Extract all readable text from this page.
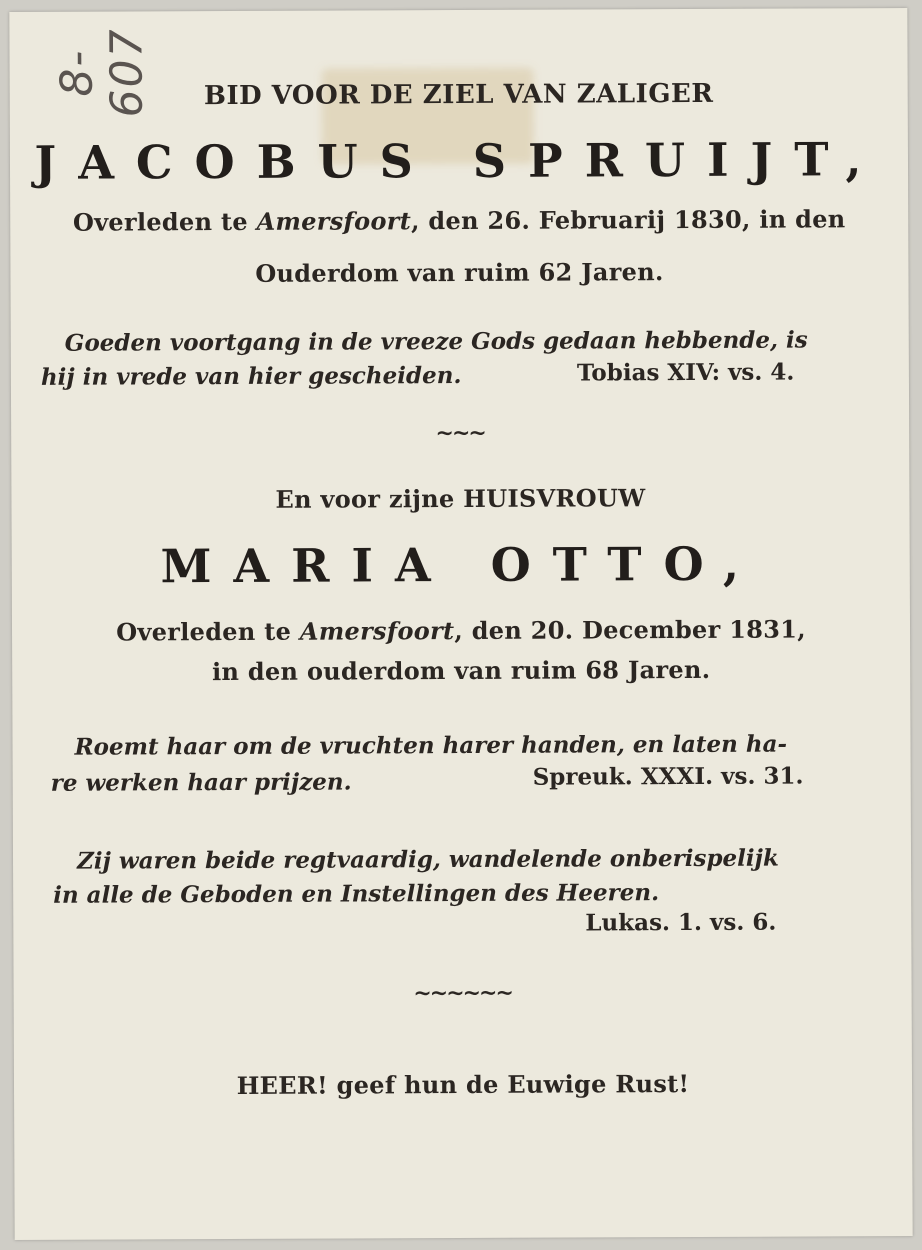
8-607	BID VOOR DE ZIEL VAN ZALIGER
JACOBUS SPRUIJT,
Overleden te Amersfoort, den 26. Februarij 1830, in den
Ouderdom van ruim 62 Jaren.
Goeden voortgang in de vreeze Gods gedaan hebbende, is
hij in vrede van hier gescheiden.	Tobias XIV: vs. 4.
~~~
En voor zijne HUISVROUW
MARIA OTTO,
Overleden te Amersfoort, den 20. December 1831,
in den ouderdom van ruim 68 Jaren.
Roemt haar om de vruchten harer handen, en laten ha-
re werken haar prijzen.	Spreuk. XXXI. vs. 31.
Zij waren beide regtvaardig, wandelende onberispelijk
in alle de Geboden en Instellingen des Heeren.
Lukas. 1. vs. 6.
~~~~~~
HEER! geef hun de Euwige Rust!
